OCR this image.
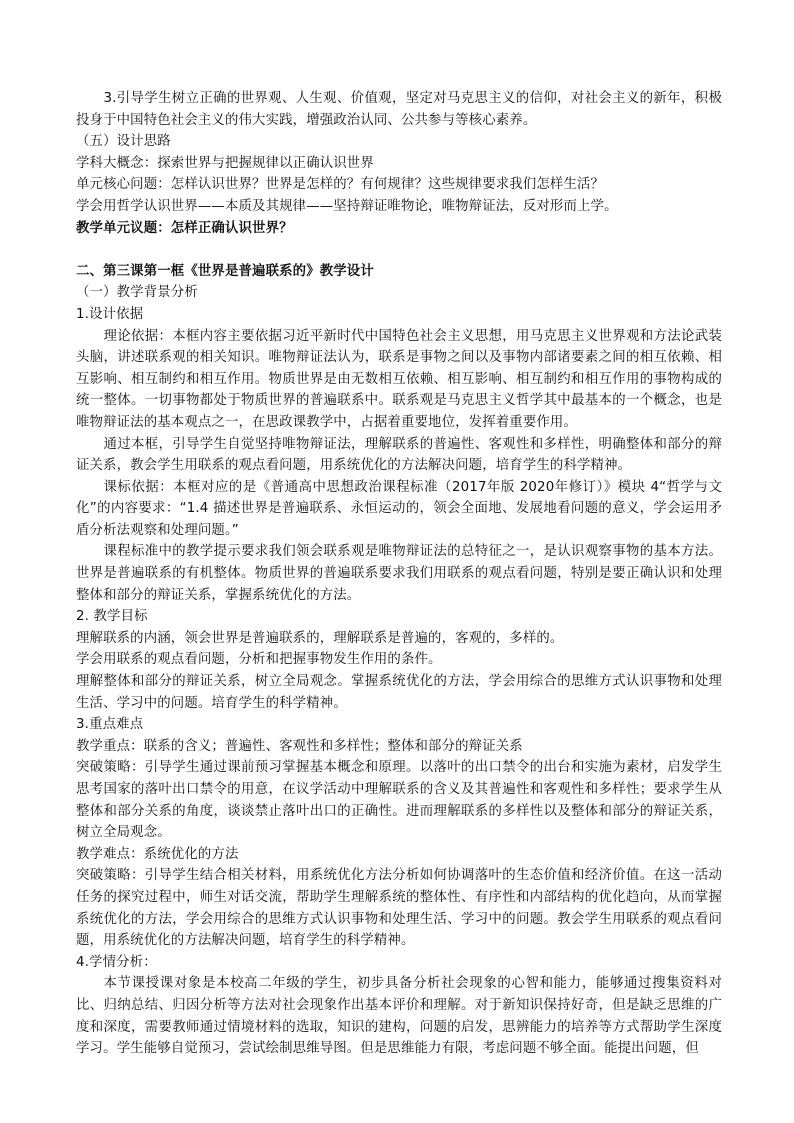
3.引导学生树立正确的世界观、人生观、价值观，坚定对马克思主义的信仰，对社会主义的新年，积极投身于中国特色社会主义的伟大实践，增强政治认同、公共参与等核心素养。

（五）设计思路

学科大概念：探索世界与把握规律以正确认识世界

单元核心问题：怎样认识世界？世界是怎样的？有何规律？这些规律要求我们怎样生活？

学会用哲学认识世界——本质及其规律——坚持辩证唯物论，唯物辩证法，反对形而上学。

教学单元议题：怎样正确认识世界？

二、第三课第一框《世界是普遍联系的》教学设计

（一）教学背景分析

1.设计依据

理论依据：本框内容主要依据习近平新时代中国特色社会主义思想，用马克思主义世界观和方法论武装头脑，讲述联系观的相关知识。唯物辩证法认为，联系是事物之间以及事物内部诸要素之间的相互依赖、相互影响、相互制约和相互作用。物质世界是由无数相互依赖、相互影响、相互制约和相互作用的事物构成的统一整体。一切事物都处于物质世界的普遍联系中。联系观是马克思主义哲学其中最基本的一个概念，也是唯物辩证法的基本观点之一，在思政课教学中，占据着重要地位，发挥着重要作用。

通过本框，引导学生自觉坚持唯物辩证法，理解联系的普遍性、客观性和多样性，明确整体和部分的辩证关系，教会学生用联系的观点看问题，用系统优化的方法解决问题，培育学生的科学精神。

课标依据：本框对应的是《普通高中思想政治课程标准（2017年版 2020年修订）》模块 4“哲学与文化”的内容要求：“1.4 描述世界是普遍联系、永恒运动的，领会全面地、发展地看问题的意义，学会运用矛盾分析法观察和处理问题。”

课程标准中的教学提示要求我们领会联系观是唯物辩证法的总特征之一，是认识观察事物的基本方法。世界是普遍联系的有机整体。物质世界的普遍联系要求我们用联系的观点看问题，特别是要正确认识和处理整体和部分的辩证关系，掌握系统优化的方法。

2. 教学目标

理解联系的内涵，领会世界是普遍联系的，理解联系是普遍的，客观的，多样的。

学会用联系的观点看问题，分析和把握事物发生作用的条件。

理解整体和部分的辩证关系，树立全局观念。掌握系统优化的方法，学会用综合的思维方式认识事物和处理生活、学习中的问题。培育学生的科学精神。

3.重点难点

教学重点：联系的含义；普遍性、客观性和多样性；整体和部分的辩证关系

突破策略：引导学生通过课前预习掌握基本概念和原理。以落叶的出口禁令的出台和实施为素材，启发学生思考国家的落叶出口禁令的用意，在议学活动中理解联系的含义及其普遍性和客观性和多样性；要求学生从整体和部分关系的角度，谈谈禁止落叶出口的正确性。进而理解联系的多样性以及整体和部分的辩证关系，树立全局观念。

教学难点：系统优化的方法

突破策略：引导学生结合相关材料，用系统优化方法分析如何协调落叶的生态价值和经济价值。在这一活动任务的探究过程中，师生对话交流，帮助学生理解系统的整体性、有序性和内部结构的优化趋向，从而掌握系统优化的方法，学会用综合的思维方式认识事物和处理生活、学习中的问题。教会学生用联系的观点看问题，用系统优化的方法解决问题，培育学生的科学精神。

4.学情分析：

本节课授课对象是本校高二年级的学生，初步具备分析社会现象的心智和能力，能够通过搜集资料对比、归纳总结、归因分析等方法对社会现象作出基本评价和理解。对于新知识保持好奇，但是缺乏思维的广度和深度，需要教师通过情境材料的选取，知识的建构，问题的启发，思辨能力的培养等方式帮助学生深度学习。学生能够自觉预习，尝试绘制思维导图。但是思维能力有限，考虑问题不够全面。能提出问题，但
